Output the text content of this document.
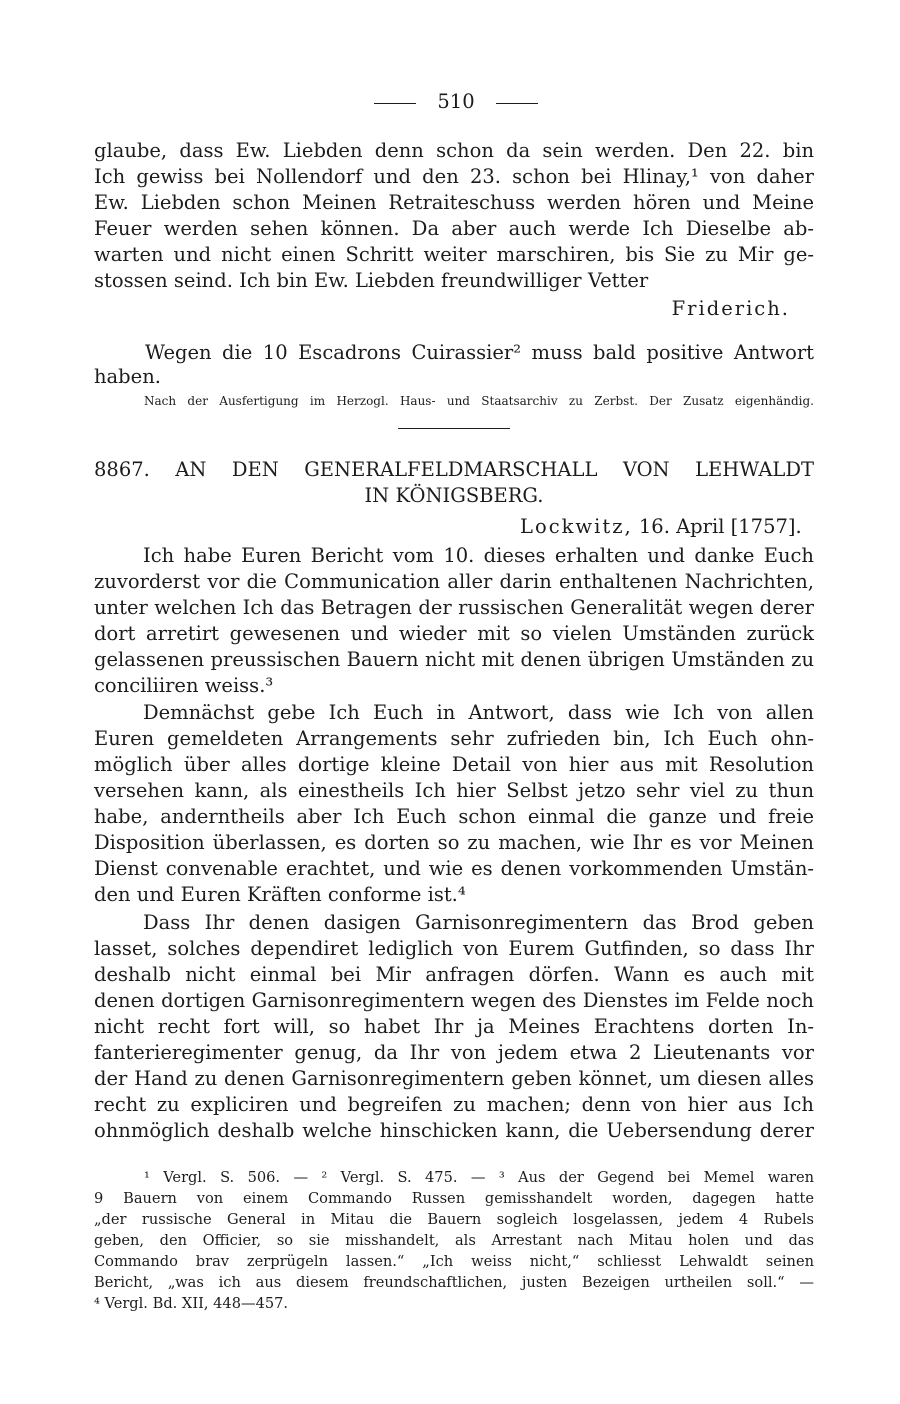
510
glaube, dass Ew. Liebden denn schon da sein werden. Den 22. bin
Ich gewiss bei Nollendorf und den 23. schon bei Hlinay,¹ von daher
Ew. Liebden schon Meinen Retraiteschuss werden hören und Meine
Feuer werden sehen können. Da aber auch werde Ich Dieselbe ab-
warten und nicht einen Schritt weiter marschiren, bis Sie zu Mir ge-
stossen seind. Ich bin Ew. Liebden freundwilliger Vetter
Friderich.
Wegen die 10 Escadrons Cuirassier² muss bald positive Antwort
haben.
Nach der Ausfertigung im Herzogl. Haus- und Staatsarchiv zu Zerbst. Der Zusatz eigenhändig.
8867. AN DEN GENERALFELDMARSCHALL VON LEHWALDT
IN KÖNIGSBERG.
Lockwitz, 16. April [1757].
Ich habe Euren Bericht vom 10. dieses erhalten und danke Euch
zuvorderst vor die Communication aller darin enthaltenen Nachrichten,
unter welchen Ich das Betragen der russischen Generalität wegen derer
dort arretirt gewesenen und wieder mit so vielen Umständen zurück
gelassenen preussischen Bauern nicht mit denen übrigen Umständen zu
conciliiren weiss.³
Demnächst gebe Ich Euch in Antwort, dass wie Ich von allen
Euren gemeldeten Arrangements sehr zufrieden bin, Ich Euch ohn-
möglich über alles dortige kleine Detail von hier aus mit Resolution
versehen kann, als einestheils Ich hier Selbst jetzo sehr viel zu thun
habe, anderntheils aber Ich Euch schon einmal die ganze und freie
Disposition überlassen, es dorten so zu machen, wie Ihr es vor Meinen
Dienst convenable erachtet, und wie es denen vorkommenden Umstän-
den und Euren Kräften conforme ist.⁴
Dass Ihr denen dasigen Garnisonregimentern das Brod geben
lasset, solches dependiret lediglich von Eurem Gutfinden, so dass Ihr
deshalb nicht einmal bei Mir anfragen dörfen. Wann es auch mit
denen dortigen Garnisonregimentern wegen des Dienstes im Felde noch
nicht recht fort will, so habet Ihr ja Meines Erachtens dorten In-
fanterieregimenter genug, da Ihr von jedem etwa 2 Lieutenants vor
der Hand zu denen Garnisonregimentern geben könnet, um diesen alles
recht zu expliciren und begreifen zu machen; denn von hier aus Ich
ohnmöglich deshalb welche hinschicken kann, die Uebersendung derer
¹ Vergl. S. 506. — ² Vergl. S. 475. — ³ Aus der Gegend bei Memel waren
9 Bauern von einem Commando Russen gemisshandelt worden, dagegen hatte
„der russische General in Mitau die Bauern sogleich losgelassen, jedem 4 Rubels
geben, den Officier, so sie misshandelt, als Arrestant nach Mitau holen und das
Commando brav zerprügeln lassen.“ „Ich weiss nicht,“ schliesst Lehwaldt seinen
Bericht, „was ich aus diesem freundschaftlichen, justen Bezeigen urtheilen soll.“ —
⁴ Vergl. Bd. XII, 448—457.
